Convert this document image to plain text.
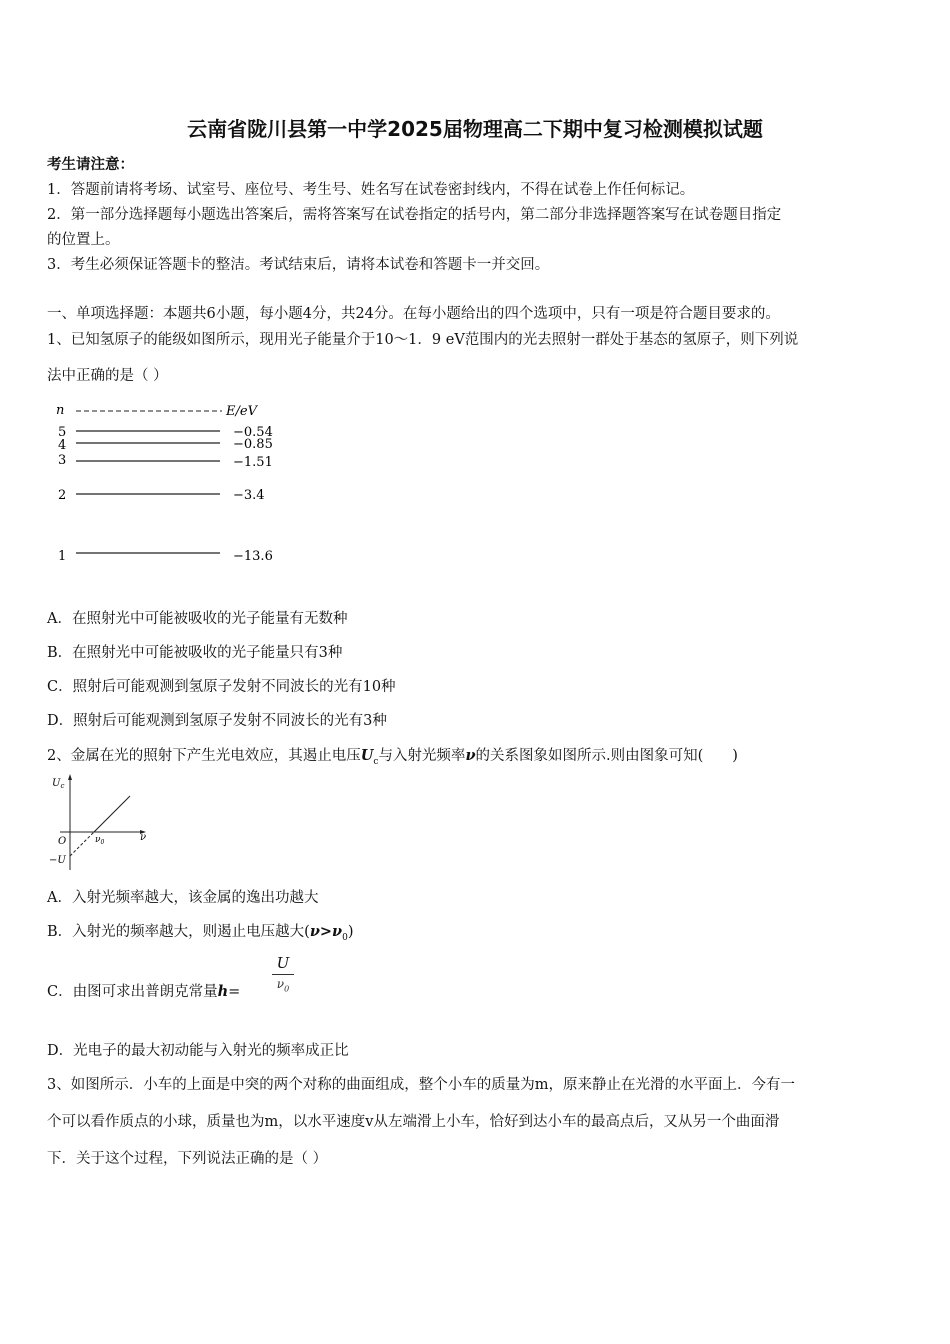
云南省陇川县第一中学2025届物理高二下期中复习检测模拟试题
考生请注意：
1．答题前请将考场、试室号、座位号、考生号、姓名写在试卷密封线内，不得在试卷上作任何标记。
2．第一部分选择题每小题选出答案后，需将答案写在试卷指定的括号内，第二部分非选择题答案写在试卷题目指定
的位置上。
3．考生必须保证答题卡的整洁。考试结束后，请将本试卷和答题卡一并交回。
一、单项选择题：本题共6小题，每小题4分，共24分。在每小题给出的四个选项中，只有一项是符合题目要求的。
1、已知氢原子的能级如图所示，现用光子能量介于10～1．9 eV范围内的光去照射一群处于基态的氢原子，则下列说
法中正确的是（ ）
n	E/eV
5	−0.54
4	−0.85
3	−1.51
2	−3.4
1	−13.6
A．在照射光中可能被吸收的光子能量有无数种
B．在照射光中可能被吸收的光子能量只有3种
C．照射后可能观测到氢原子发射不同波长的光有10种
D．照射后可能观测到氢原子发射不同波长的光有3种
2、金属在光的照射下产生光电效应，其遏止电压$U_c$与入射光频率ν的关系图象如图所示.则由图象可知(　　)
$U_c$
ν
O	$\nu_0$
−U
A．入射光频率越大，该金属的逸出功越大
B．入射光的频率越大，则遏止电压越大$(\nu>\nu_0)$
C．由图可求出普朗克常量h=
U
$\nu_0$
D．光电子的最大初动能与入射光的频率成正比
3、如图所示．小车的上面是中突的两个对称的曲面组成，整个小车的质量为m，原来静止在光滑的水平面上．今有一
个可以看作质点的小球，质量也为m，以水平速度v从左端滑上小车，恰好到达小车的最高点后，又从另一个曲面滑
下．关于这个过程，下列说法正确的是（ ）
